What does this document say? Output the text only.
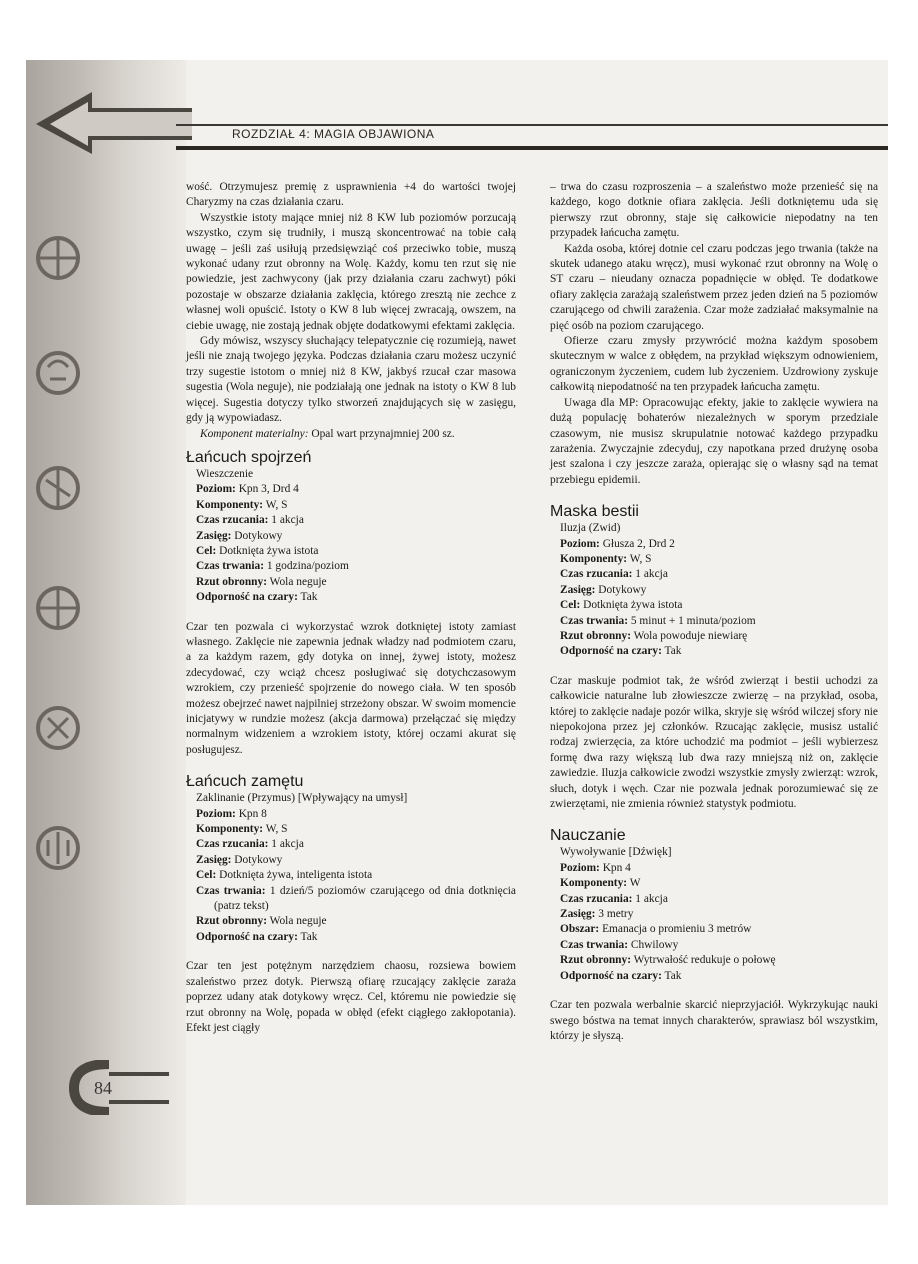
ROZDZIAŁ 4: MAGIA OBJAWIONA

wość. Otrzymujesz premię z usprawnienia +4 do wartości twojej Charyzmy na czas działania czaru.

Wszystkie istoty mające mniej niż 8 KW lub poziomów porzucają wszystko, czym się trudniły, i muszą skoncentrować na tobie całą uwagę – jeśli zaś usiłują przedsięwziąć coś przeciwko tobie, muszą wykonać udany rzut obronny na Wolę. Każdy, komu ten rzut się nie powiedzie, jest zachwycony (jak przy działania czaru zachwyt) póki pozostaje w obszarze działania zaklęcia, którego zresztą nie zechce z własnej woli opuścić. Istoty o KW 8 lub więcej zwracają, owszem, na ciebie uwagę, nie zostają jednak objęte dodatkowymi efektami zaklęcia.

Gdy mówisz, wszyscy słuchający telepatycznie cię rozumieją, nawet jeśli nie znają twojego języka. Podczas działania czaru możesz uczynić trzy sugestie istotom o mniej niż 8 KW, jakbyś rzucał czar masowa sugestia (Wola neguje), nie podziałają one jednak na istoty o KW 8 lub więcej. Sugestia dotyczy tylko stworzeń znajdujących się w zasięgu, gdy ją wypowiadasz.

Komponent materialny: Opal wart przynajmniej 200 sz.

Łańcuch spojrzeń
Wieszczenie
Poziom: Kpn 3, Drd 4
Komponenty: W, S
Czas rzucania: 1 akcja
Zasięg: Dotykowy
Cel: Dotknięta żywa istota
Czas trwania: 1 godzina/poziom
Rzut obronny: Wola neguje
Odporność na czary: Tak

Czar ten pozwala ci wykorzystać wzrok dotkniętej istoty zamiast własnego. Zaklęcie nie zapewnia jednak władzy nad podmiotem czaru, a za każdym razem, gdy dotyka on innej, żywej istoty, możesz zdecydować, czy wciąż chcesz posługiwać się dotychczasowym wzrokiem, czy przenieść spojrzenie do nowego ciała. W ten sposób możesz obejrzeć nawet najpilniej strzeżony obszar. W swoim momencie inicjatywy w rundzie możesz (akcja darmowa) przełączać się między normalnym widzeniem a wzrokiem istoty, której oczami akurat się posługujesz.

Łańcuch zamętu
Zaklinanie (Przymus) [Wpływający na umysł]
Poziom: Kpn 8
Komponenty: W, S
Czas rzucania: 1 akcja
Zasięg: Dotykowy
Cel: Dotknięta żywa, inteligenta istota
Czas trwania: 1 dzień/5 poziomów czarującego od dnia dotknięcia (patrz tekst)
Rzut obronny: Wola neguje
Odporność na czary: Tak

Czar ten jest potężnym narzędziem chaosu, rozsiewa bowiem szaleństwo przez dotyk. Pierwszą ofiarę rzucający zaklęcie zaraża poprzez udany atak dotykowy wręcz. Cel, któremu nie powiedzie się rzut obronny na Wolę, popada w obłęd (efekt ciągłego zakłopotania). Efekt jest ciągły

– trwa do czasu rozproszenia – a szaleństwo może przenieść się na każdego, kogo dotknie ofiara zaklęcia. Jeśli dotkniętemu uda się pierwszy rzut obronny, staje się całkowicie niepodatny na ten przypadek łańcucha zamętu.

Każda osoba, której dotnie cel czaru podczas jego trwania (także na skutek udanego ataku wręcz), musi wykonać rzut obronny na Wolę o ST czaru – nieudany oznacza popadnięcie w obłęd. Te dodatkowe ofiary zaklęcia zarażają szaleństwem przez jeden dzień na 5 poziomów czarującego od chwili zarażenia. Czar może zadziałać maksymalnie na pięć osób na poziom czarującego.

Ofierze czaru zmysły przywrócić można każdym sposobem skutecznym w walce z obłędem, na przykład większym odnowieniem, ograniczonym życzeniem, cudem lub życzeniem. Uzdrowiony zyskuje całkowitą niepodatność na ten przypadek łańcucha zamętu.

Uwaga dla MP: Opracowując efekty, jakie to zaklęcie wywiera na dużą populację bohaterów niezależnych w sporym przedziale czasowym, nie musisz skrupulatnie notować każdego przypadku zarażenia. Zwyczajnie zdecyduj, czy napotkana przed drużynę osoba jest szalona i czy jeszcze zaraża, opierając się o własny sąd na temat przebiegu epidemii.

Maska bestii
Iluzja (Zwid)
Poziom: Głusza 2, Drd 2
Komponenty: W, S
Czas rzucania: 1 akcja
Zasięg: Dotykowy
Cel: Dotknięta żywa istota
Czas trwania: 5 minut + 1 minuta/poziom
Rzut obronny: Wola powoduje niewiarę
Odporność na czary: Tak

Czar maskuje podmiot tak, że wśród zwierząt i bestii uchodzi za całkowicie naturalne lub złowieszcze zwierzę – na przykład, osoba, której to zaklęcie nadaje pozór wilka, skryje się wśród wilczej sfory nie niepokojona przez jej członków. Rzucając zaklęcie, musisz ustalić rodzaj zwierzęcia, za które uchodzić ma podmiot – jeśli wybierzesz formę dwa razy większą lub dwa razy mniejszą niż on, zaklęcie zawiedzie. Iluzja całkowicie zwodzi wszystkie zmysły zwierząt: wzrok, słuch, dotyk i węch. Czar nie pozwala jednak porozumiewać się ze zwierzętami, nie zmienia również statystyk podmiotu.

Nauczanie
Wywoływanie [Dźwięk]
Poziom: Kpn 4
Komponenty: W
Czas rzucania: 1 akcja
Zasięg: 3 metry
Obszar: Emanacja o promieniu 3 metrów
Czas trwania: Chwilowy
Rzut obronny: Wytrwałość redukuje o połowę
Odporność na czary: Tak

Czar ten pozwala werbalnie skarcić nieprzyjaciół. Wykrzykując nauki swego bóstwa na temat innych charakterów, sprawiasz ból wszystkim, którzy je słyszą.

84
